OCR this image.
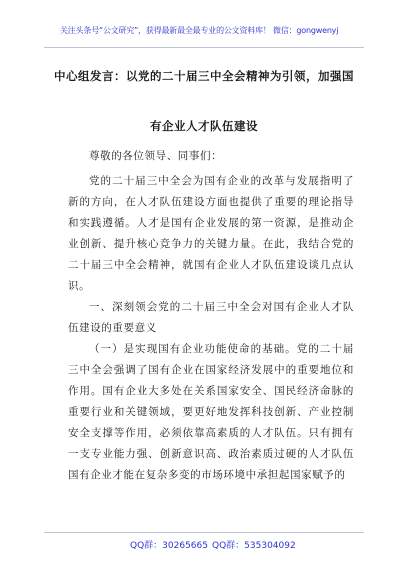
关注头条号“公文研究”，获得最新最全最专业的公文资料库！ 微信：gongwenyj
中心组发言：以党的二十届三中全会精神为引领，加强国
有企业人才队伍建设

尊敬的各位领导、同事们：

党的二十届三中全会为国有企业的改革与发展指明了新的方向，在人才队伍建设方面也提供了重要的理论指导和实践遵循。人才是国有企业发展的第一资源，是推动企业创新、提升核心竞争力的关键力量。在此，我结合党的二十届三中全会精神，就国有企业人才队伍建设谈几点认识。

一、深刻领会党的二十届三中全会对国有企业人才队伍建设的重要意义

（一）是实现国有企业功能使命的基础。党的二十届三中全会强调了国有企业在国家经济发展中的重要地位和作用。国有企业大多处在关系国家安全、国民经济命脉的重要行业和关键领域，要更好地发挥科技创新、产业控制安全支撑等作用，必须依靠高素质的人才队伍。只有拥有一支专业能力强、创新意识高、政治素质过硬的人才队伍国有企业才能在复杂多变的市场环境中承担起国家赋予的

QQ群：30265665 QQ群：535304092
